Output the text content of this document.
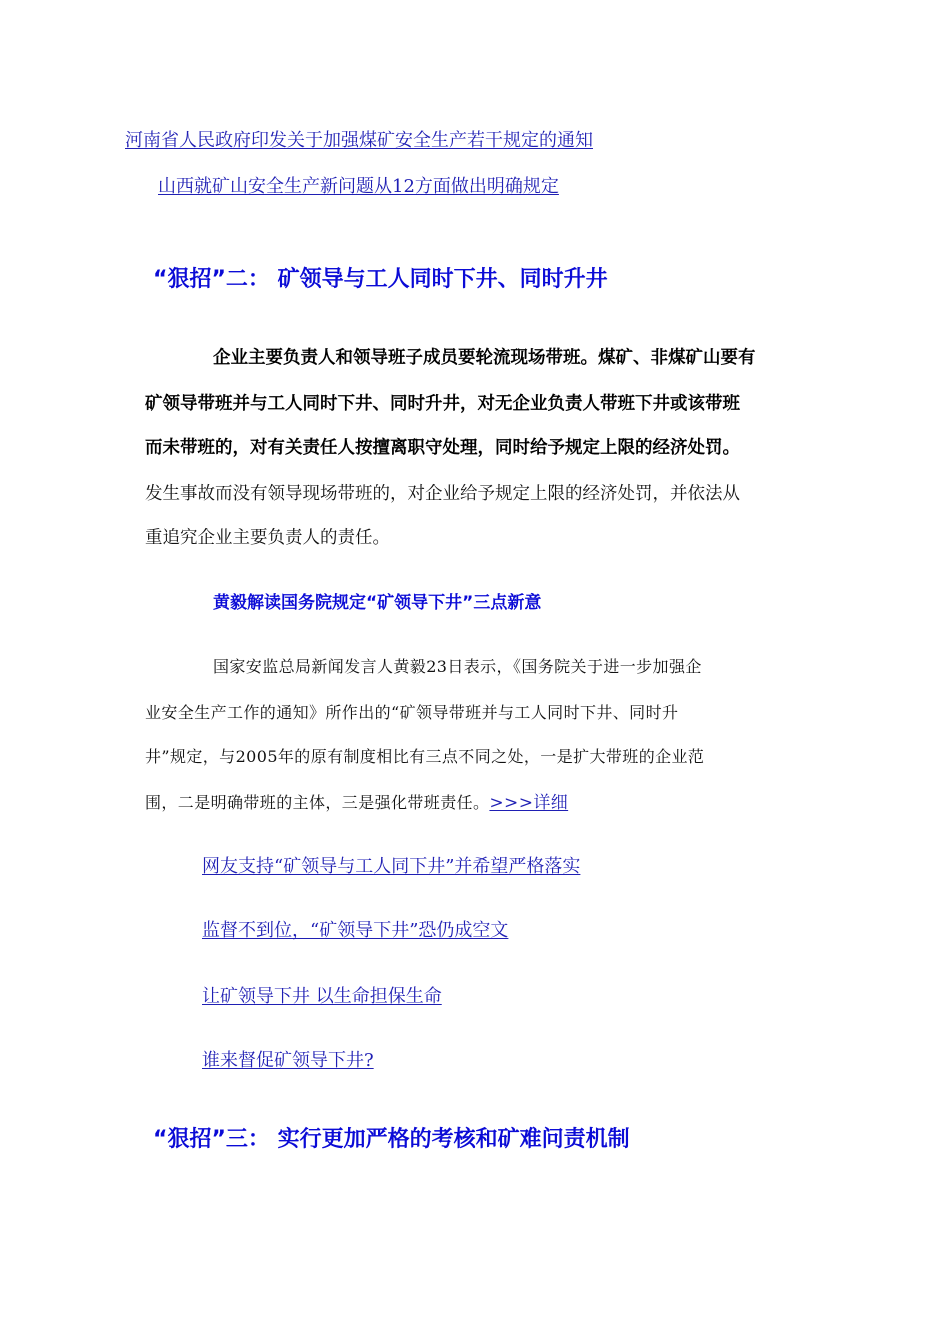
河南省人民政府印发关于加强煤矿安全生产若干规定的通知
山西就矿山安全生产新问题从12方面做出明确规定
“狠招”二： 矿领导与工人同时下井、同时升井
企业主要负责人和领导班子成员要轮流现场带班。煤矿、非煤矿山要有
矿领导带班并与工人同时下井、同时升井，对无企业负责人带班下井或该带班
而未带班的，对有关责任人按擅离职守处理，同时给予规定上限的经济处罚。
发生事故而没有领导现场带班的，对企业给予规定上限的经济处罚，并依法从
重追究企业主要负责人的责任。
黄毅解读国务院规定“矿领导下井”三点新意
国家安监总局新闻发言人黄毅23日表示，《国务院关于进一步加强企
业安全生产工作的通知》所作出的“矿领导带班并与工人同时下井、同时升
井”规定，与2005年的原有制度相比有三点不同之处，一是扩大带班的企业范
围，二是明确带班的主体，三是强化带班责任。>>>详细
网友支持“矿领导与工人同下井”并希望严格落实
监督不到位，“矿领导下井”恐仍成空文
让矿领导下井 以生命担保生命
谁来督促矿领导下井?
“狠招”三： 实行更加严格的考核和矿难问责机制
